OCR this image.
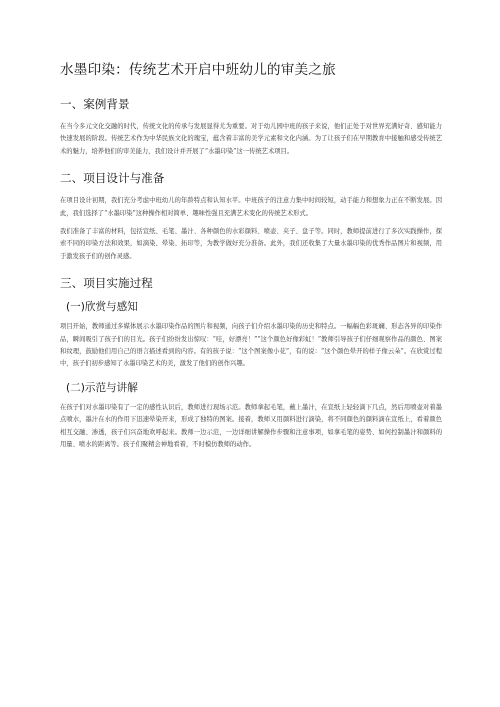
水墨印染：传统艺术开启中班幼儿的审美之旅
一、案例背景

在当今多元文化交融的时代，传统文化的传承与发展显得尤为重要。对于幼儿园中班的孩子来说，他们正处于对世界充满好奇、感知能力快速发展的阶段。传统艺术作为中华民族文化的瑰宝，蕴含着丰富的美学元素和文化内涵。为了让孩子们在早期教育中接触和感受传统艺术的魅力，培养他们的审美能力，我们设计并开展了“水墨印染”这一传统艺术项目。

二、项目设计与准备

在项目设计初期，我们充分考虑中班幼儿的年龄特点和认知水平。中班孩子的注意力集中时间较短，动手能力和想象力正在不断发展。因此，我们选择了“水墨印染”这种操作相对简单、趣味性强且充满艺术变化的传统艺术形式。

我们准备了丰富的材料，包括宣纸、毛笔、墨汁、各种颜色的水彩颜料、喷壶、夹子、盘子等。同时，教师提前进行了多次实践操作，探索不同的印染方法和效果，如滴染、晕染、拓印等，为教学做好充分准备。此外，我们还收集了大量水墨印染的优秀作品图片和视频，用于激发孩子们的创作灵感。

三、项目实施过程
(一)欣赏与感知

项目开始，教师通过多媒体展示水墨印染作品的图片和视频，向孩子们介绍水墨印染的历史和特点。一幅幅色彩斑斓、形态各异的印染作品，瞬间吸引了孩子们的目光。孩子们纷纷发出惊叹：“哇，好漂亮！”“这个颜色好像彩虹！”教师引导孩子们仔细观察作品的颜色、图案和纹理，鼓励他们用自己的语言描述看到的内容。有的孩子说：“这个图案像小花”，有的说：“这个颜色晕开的样子像云朵”。在欣赏过程中，孩子们初步感知了水墨印染艺术的美，激发了他们的创作兴趣。

(二)示范与讲解

在孩子们对水墨印染有了一定的感性认识后，教师进行现场示范。教师拿起毛笔，蘸上墨汁，在宣纸上轻轻滴下几点，然后用喷壶对着墨点喷水，墨汁在水的作用下迅速晕染开来，形成了独特的图案。接着，教师又用颜料进行滴染，将不同颜色的颜料滴在宣纸上，看着颜色相互交融、渗透，孩子们兴奋地欢呼起来。教师一边示范，一边详细讲解操作步骤和注意事项，如拿毛笔的姿势、如何控制墨汁和颜料的用量、喷水的距离等。孩子们聚精会神地看着，不时模仿教师的动作。
